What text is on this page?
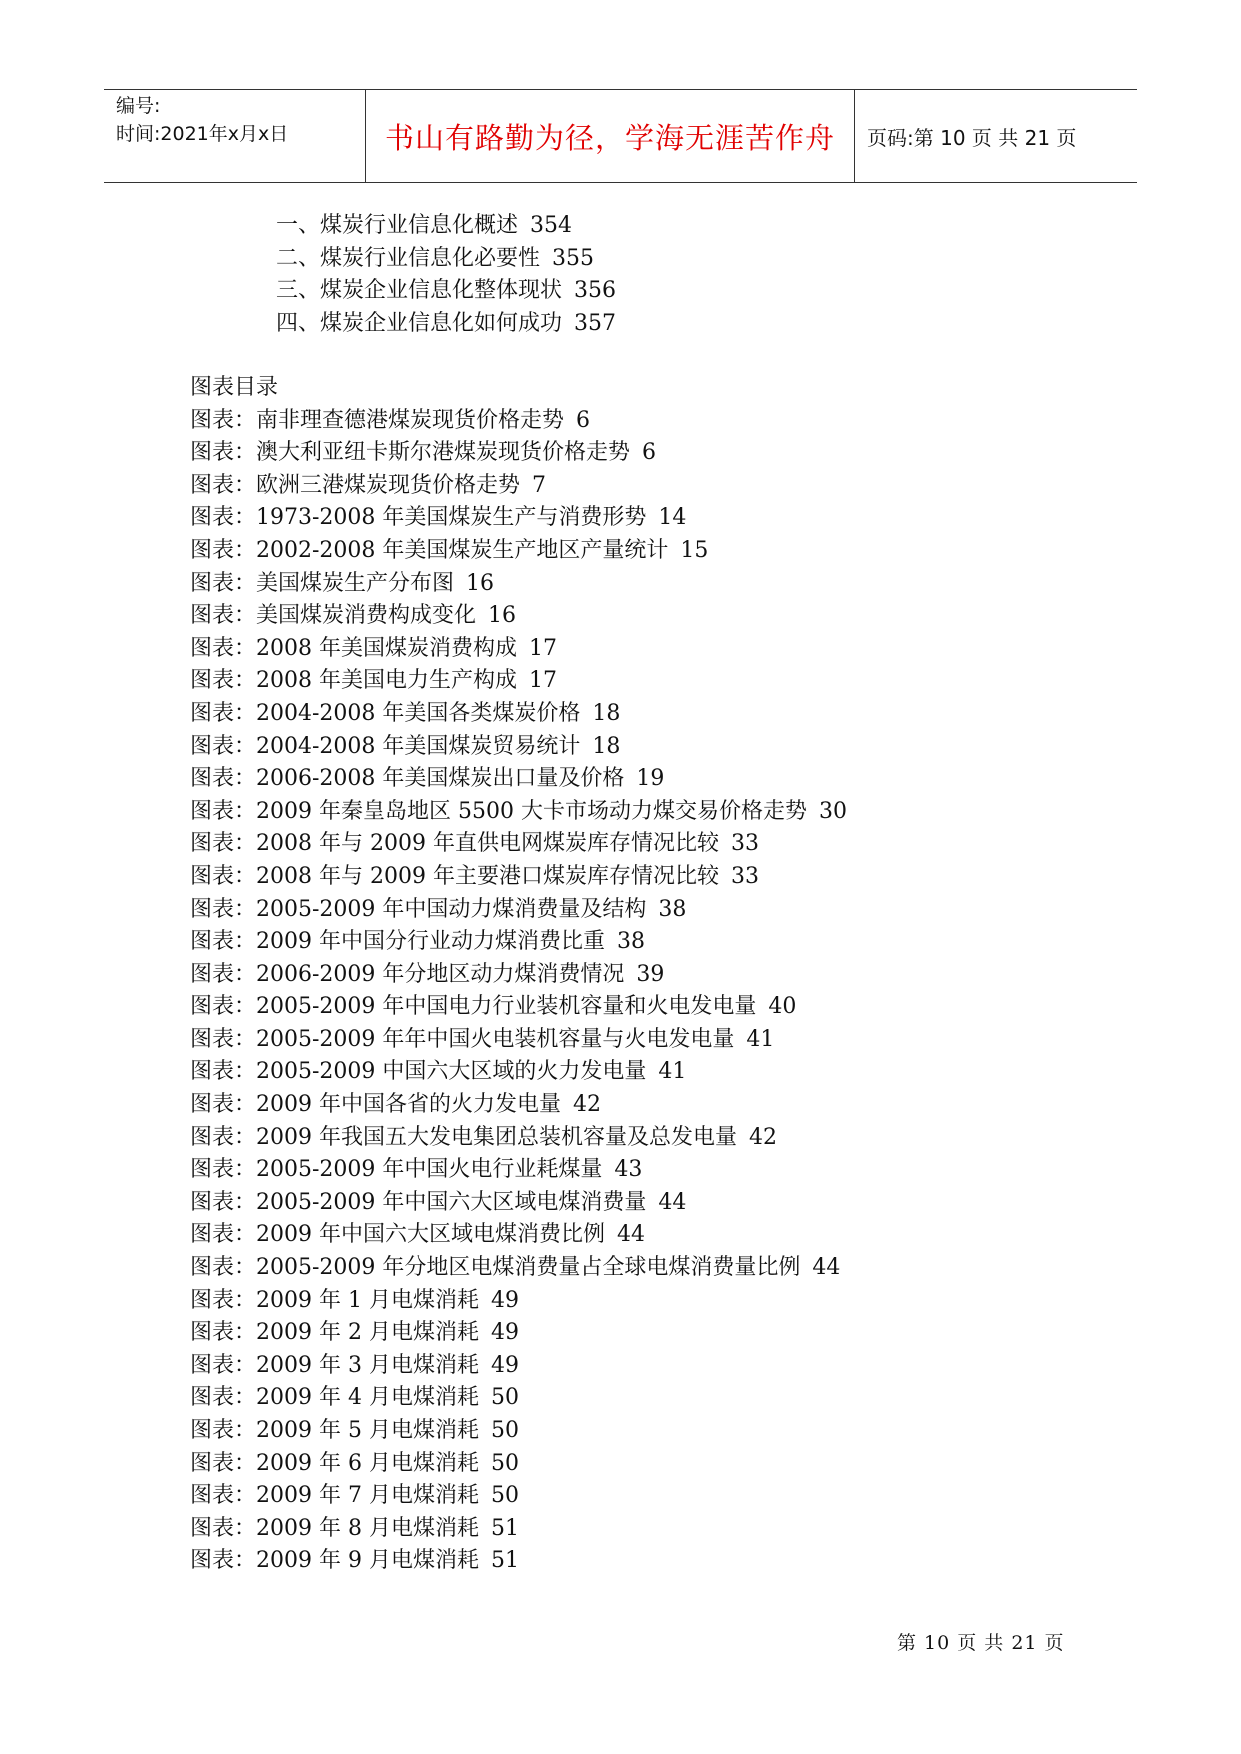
编号:
时间:2021年x月x日	书山有路勤为径，学海无涯苦作舟	页码:第 10 页 共 21 页
一、煤炭行业信息化概述 354
二、煤炭行业信息化必要性 355
三、煤炭企业信息化整体现状 356
四、煤炭企业信息化如何成功 357
图表目录
图表：南非理查德港煤炭现货价格走势 6
图表：澳大利亚纽卡斯尔港煤炭现货价格走势 6
图表：欧洲三港煤炭现货价格走势 7
图表：1973-2008 年美国煤炭生产与消费形势 14
图表：2002-2008 年美国煤炭生产地区产量统计 15
图表：美国煤炭生产分布图 16
图表：美国煤炭消费构成变化 16
图表：2008 年美国煤炭消费构成 17
图表：2008 年美国电力生产构成 17
图表：2004-2008 年美国各类煤炭价格 18
图表：2004-2008 年美国煤炭贸易统计 18
图表：2006-2008 年美国煤炭出口量及价格 19
图表：2009 年秦皇岛地区 5500 大卡市场动力煤交易价格走势 30
图表：2008 年与 2009 年直供电网煤炭库存情况比较 33
图表：2008 年与 2009 年主要港口煤炭库存情况比较 33
图表：2005-2009 年中国动力煤消费量及结构 38
图表：2009 年中国分行业动力煤消费比重 38
图表：2006-2009 年分地区动力煤消费情况 39
图表：2005-2009 年中国电力行业装机容量和火电发电量 40
图表：2005-2009 年年中国火电装机容量与火电发电量 41
图表：2005-2009 中国六大区域的火力发电量 41
图表：2009 年中国各省的火力发电量 42
图表：2009 年我国五大发电集团总装机容量及总发电量 42
图表：2005-2009 年中国火电行业耗煤量 43
图表：2005-2009 年中国六大区域电煤消费量 44
图表：2009 年中国六大区域电煤消费比例 44
图表：2005-2009 年分地区电煤消费量占全球电煤消费量比例 44
图表：2009 年 1 月电煤消耗 49
图表：2009 年 2 月电煤消耗 49
图表：2009 年 3 月电煤消耗 49
图表：2009 年 4 月电煤消耗 50
图表：2009 年 5 月电煤消耗 50
图表：2009 年 6 月电煤消耗 50
图表：2009 年 7 月电煤消耗 50
图表：2009 年 8 月电煤消耗 51
图表：2009 年 9 月电煤消耗 51
第 10 页 共 21 页
